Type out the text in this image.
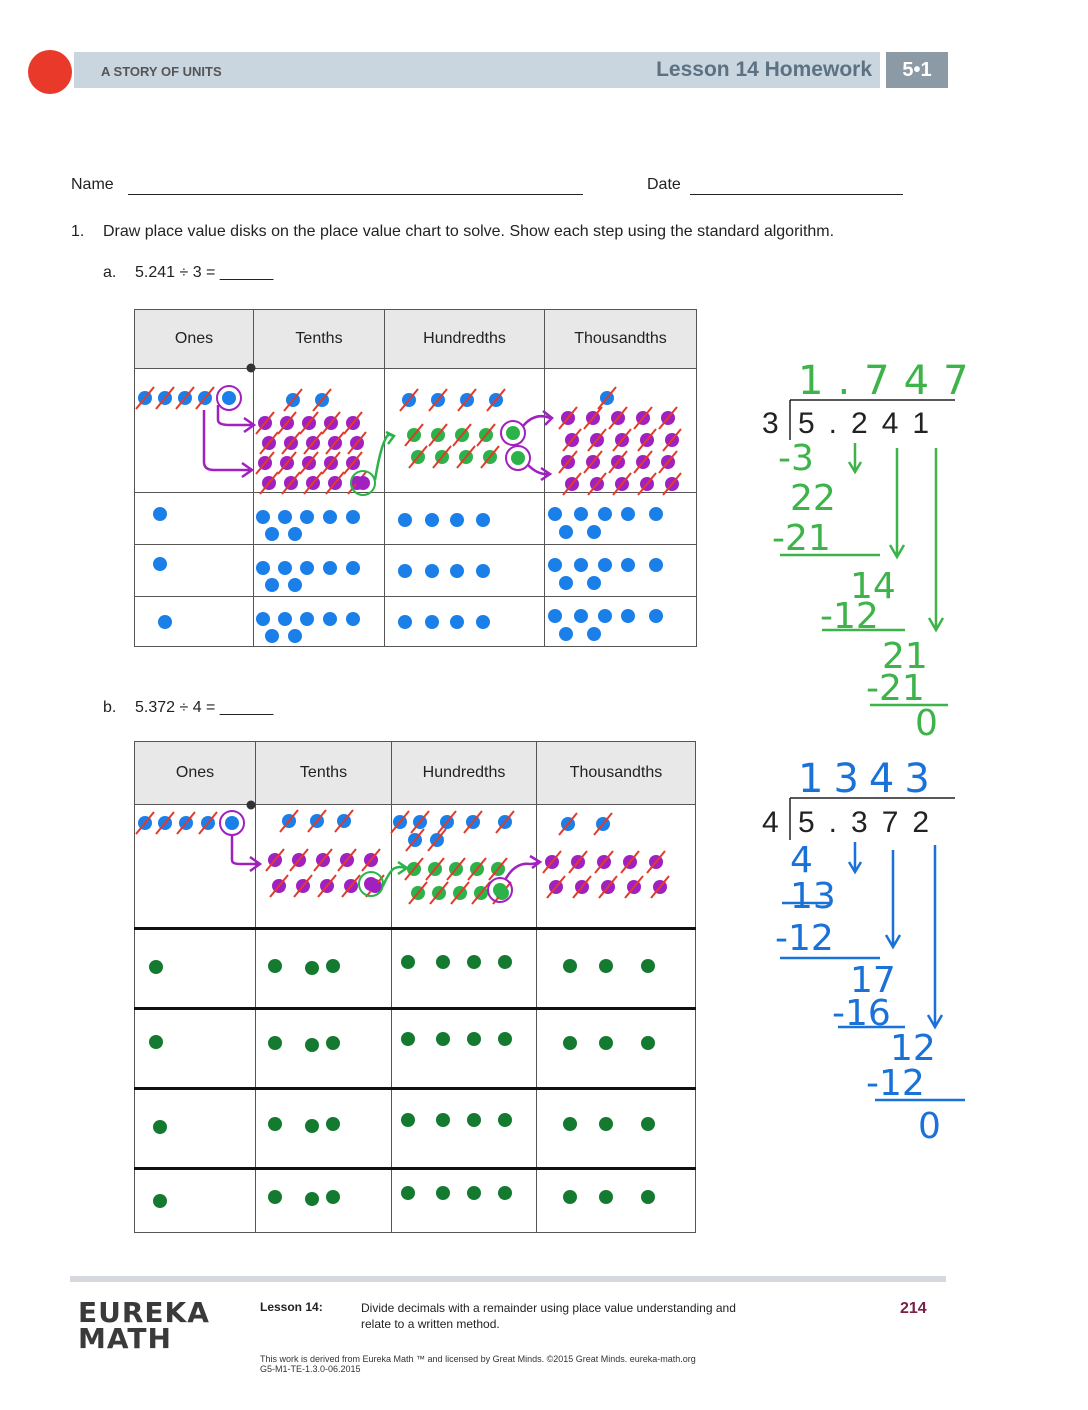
A STORY OF UNITS	Lesson 14 Homework	5•1
Name	Date
1. Draw place value disks on the place value chart to solve. Show each step using the standard algorithm.
a. 5.241 ÷ 3 = ______
b. 5.372 ÷ 4 = ______
Ones	Tenths	Hundredths	Thousandths

Ones	Tenths	Hundredths	Thousandths

3 5.241
1.747
-3
22
-21
14
-12
21
-21
0
4 5.372
1343
4
13
-12
17
-16
12
-12
0
EUREKA
MATH
Lesson 14:	Divide decimals with a remainder using place value understanding and relate to a written method.
214
This work is derived from Eureka Math ™ and licensed by Great Minds. ©2015 Great Minds. eureka-math.org
G5-M1-TE-1.3.0-06.2015
